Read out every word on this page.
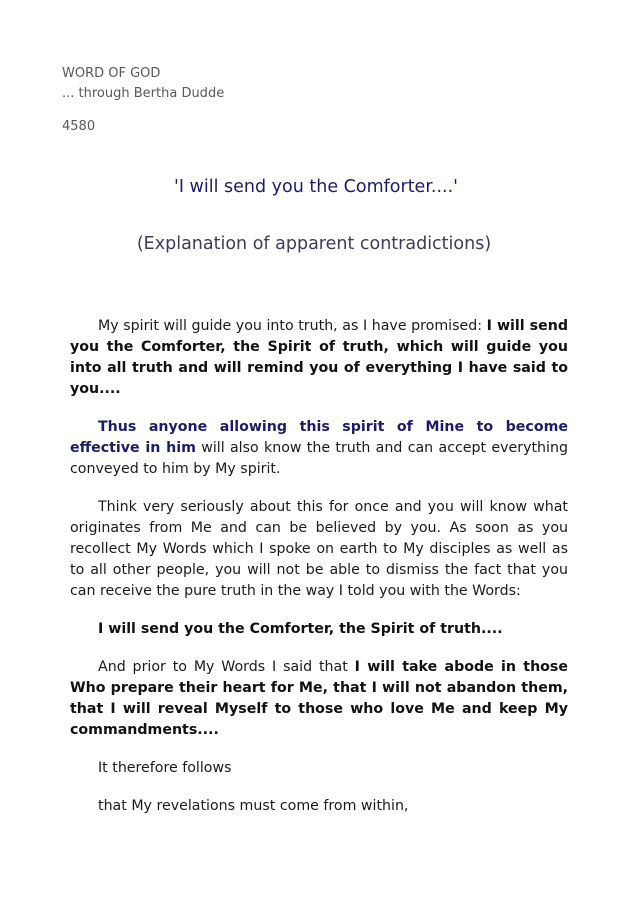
WORD OF GOD
... through Bertha Dudde
4580
'I will send you the Comforter....'
(Explanation of apparent contradictions)

My spirit will guide you into truth, as I have promised: I will send you the Comforter, the Spirit of truth, which will guide you into all truth and will remind you of everything I have said to you....

Thus anyone allowing this spirit of Mine to become effective in him will also know the truth and can accept everything conveyed to him by My spirit.

Think very seriously about this for once and you will know what originates from Me and can be believed by you. As soon as you recollect My Words which I spoke on earth to My disciples as well as to all other people, you will not be able to dismiss the fact that you can receive the pure truth in the way I told you with the Words:

I will send you the Comforter, the Spirit of truth....

And prior to My Words I said that I will take abode in those Who prepare their heart for Me, that I will not abandon them, that I will reveal Myself to those who love Me and keep My commandments....

It therefore follows

that My revelations must come from within,
